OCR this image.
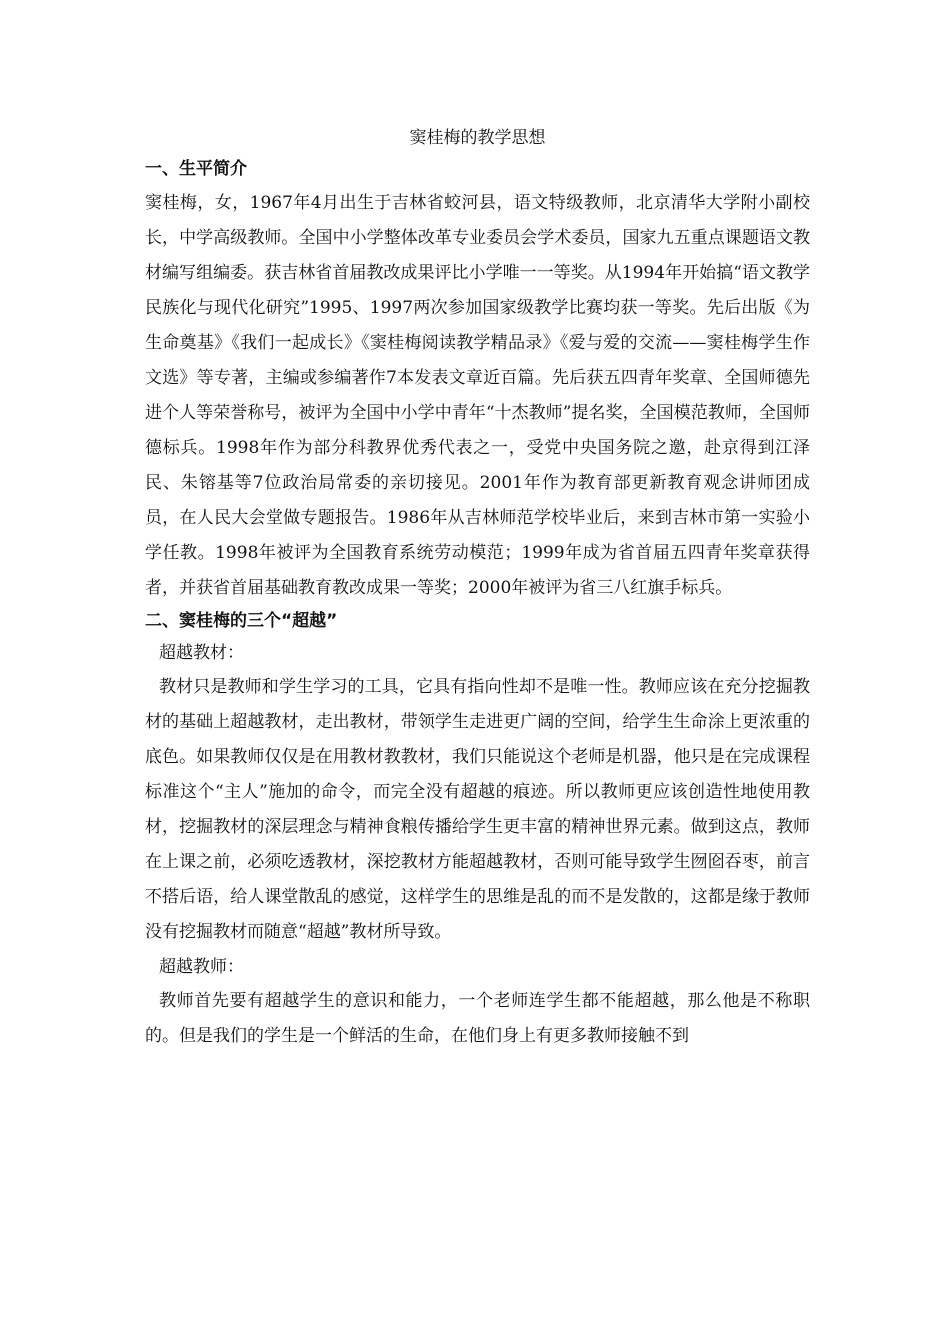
窦桂梅的教学思想

一、生平简介

窦桂梅，女，1967年4月出生于吉林省蛟河县，语文特级教师，北京清华大学附小副校长，中学高级教师。全国中小学整体改革专业委员会学术委员，国家九五重点课题语文教材编写组编委。获吉林省首届教改成果评比小学唯一一等奖。从1994年开始搞“语文教学民族化与现代化研究”1995、1997两次参加国家级教学比赛均获一等奖。先后出版《为生命奠基》《我们一起成长》《窦桂梅阅读教学精品录》《爱与爱的交流——窦桂梅学生作文选》等专著，主编或参编著作7本发表文章近百篇。先后获五四青年奖章、全国师德先进个人等荣誉称号，被评为全国中小学中青年“十杰教师”提名奖，全国模范教师，全国师德标兵。1998年作为部分科教界优秀代表之一，受党中央国务院之邀，赴京得到江泽民、朱镕基等7位政治局常委的亲切接见。2001年作为教育部更新教育观念讲师团成员，在人民大会堂做专题报告。1986年从吉林师范学校毕业后，来到吉林市第一实验小学任教。1998年被评为全国教育系统劳动模范；1999年成为省首届五四青年奖章获得者，并获省首届基础教育教改成果一等奖；2000年被评为省三八红旗手标兵。

二、窦桂梅的三个“超越”

超越教材：

教材只是教师和学生学习的工具，它具有指向性却不是唯一性。教师应该在充分挖掘教材的基础上超越教材，走出教材，带领学生走进更广阔的空间，给学生生命涂上更浓重的底色。如果教师仅仅是在用教材教教材，我们只能说这个老师是机器，他只是在完成课程标准这个“主人”施加的命令，而完全没有超越的痕迹。所以教师更应该创造性地使用教材，挖掘教材的深层理念与精神食粮传播给学生更丰富的精神世界元素。做到这点，教师在上课之前，必须吃透教材，深挖教材方能超越教材，否则可能导致学生囫囵吞枣，前言不搭后语，给人课堂散乱的感觉，这样学生的思维是乱的而不是发散的，这都是缘于教师没有挖掘教材而随意“超越”教材所导致。

超越教师：

教师首先要有超越学生的意识和能力，一个老师连学生都不能超越，那么他是不称职的。但是我们的学生是一个鲜活的生命，在他们身上有更多教师接触不到
